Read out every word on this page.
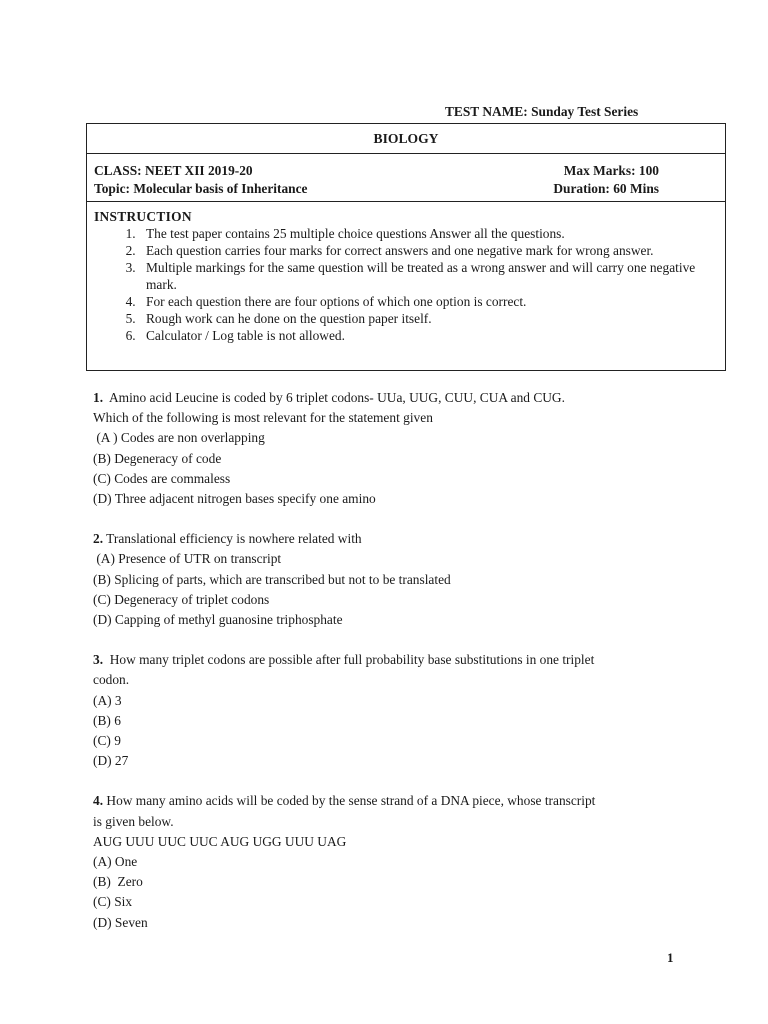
TEST NAME: Sunday Test Series
BIOLOGY
CLASS: NEET XII 2019-20	Max Marks: 100
Topic: Molecular basis of Inheritance	Duration: 60 Mins
INSTRUCTION
1. The test paper contains 25 multiple choice questions Answer all the questions.
2. Each question carries four marks for correct answers and one negative mark for wrong answer.
3. Multiple markings for the same question will be treated as a wrong answer and will carry one negative mark.
4. For each question there are four options of which one option is correct.
5. Rough work can he done on the question paper itself.
6. Calculator / Log table is not allowed.
1.  Amino acid Leucine is coded by 6 triplet codons- UUa, UUG, CUU, CUA and CUG.
Which of the following is most relevant for the statement given
(A ) Codes are non overlapping
(B) Degeneracy of code
(C) Codes are commaless
(D) Three adjacent nitrogen bases specify one amino
2. Translational efficiency is nowhere related with
(A) Presence of UTR on transcript
(B) Splicing of parts, which are transcribed but not to be translated
(C) Degeneracy of triplet codons
(D) Capping of methyl guanosine triphosphate
3.  How many triplet codons are possible after full probability base substitutions in one triplet
codon.
(A) 3
(B) 6
(C) 9
(D) 27
4. How many amino acids will be coded by the sense strand of a DNA piece, whose transcript
is given below.
AUG UUU UUC UUC AUG UGG UUU UAG
(A) One
(B)  Zero
(C) Six
(D) Seven
1
